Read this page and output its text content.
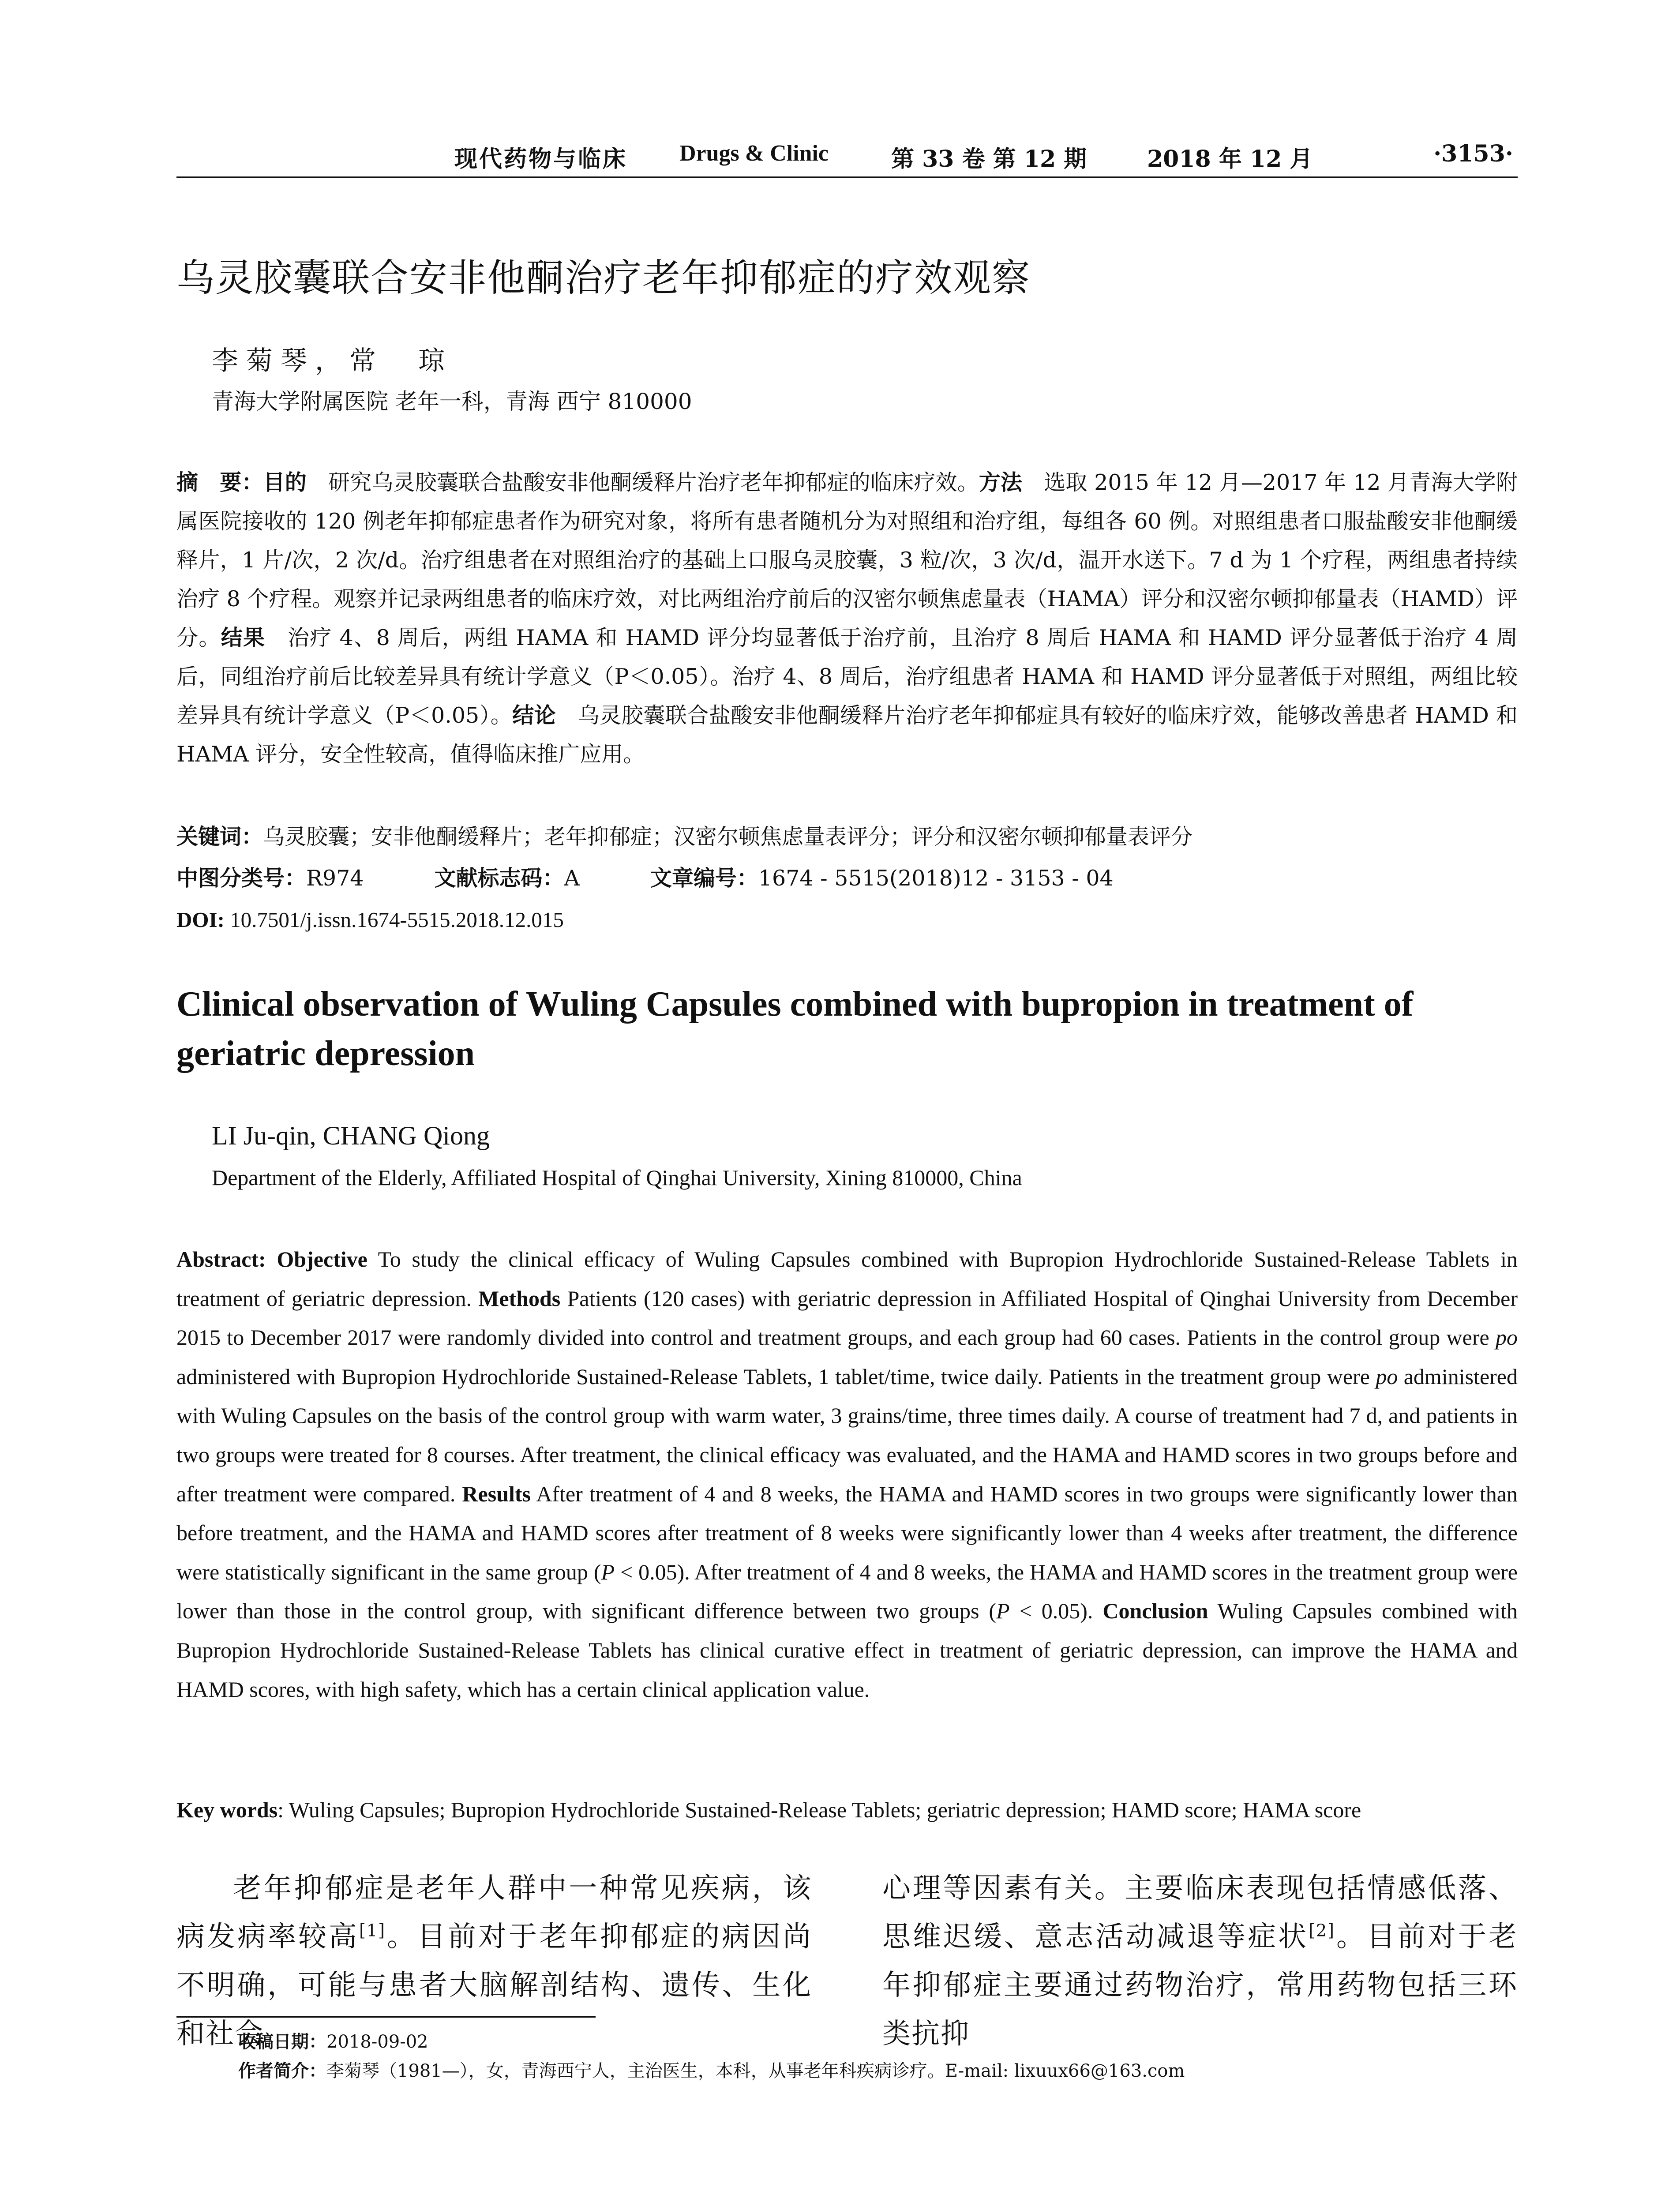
现代药物与临床 Drugs & Clinic	第 33 卷 第 12 期	2018 年 12 月	·3153·
乌灵胶囊联合安非他酮治疗老年抑郁症的疗效观察
李菊琴，常　琼
青海大学附属医院 老年一科，青海 西宁 810000

摘　要：目的　研究乌灵胶囊联合盐酸安非他酮缓释片治疗老年抑郁症的临床疗效。方法　选取 2015 年 12 月—2017 年 12 月青海大学附属医院接收的 120 例老年抑郁症患者作为研究对象，将所有患者随机分为对照组和治疗组，每组各 60 例。对照组患者口服盐酸安非他酮缓释片，1 片/次，2 次/d。治疗组患者在对照组治疗的基础上口服乌灵胶囊，3 粒/次，3 次/d，温开水送下。7 d 为 1 个疗程，两组患者持续治疗 8 个疗程。观察并记录两组患者的临床疗效，对比两组治疗前后的汉密尔顿焦虑量表（HAMA）评分和汉密尔顿抑郁量表（HAMD）评分。结果　治疗 4、8 周后，两组 HAMA 和 HAMD 评分均显著低于治疗前，且治疗 8 周后 HAMA 和 HAMD 评分显著低于治疗 4 周后，同组治疗前后比较差异具有统计学意义（P＜0.05）。治疗 4、8 周后，治疗组患者 HAMA 和 HAMD 评分显著低于对照组，两组比较差异具有统计学意义（P＜0.05）。结论　乌灵胶囊联合盐酸安非他酮缓释片治疗老年抑郁症具有较好的临床疗效，能够改善患者 HAMD 和 HAMA 评分，安全性较高，值得临床推广应用。

关键词：乌灵胶囊；安非他酮缓释片；老年抑郁症；汉密尔顿焦虑量表评分；评分和汉密尔顿抑郁量表评分
中图分类号：R974	文献标志码：A	文章编号：1674 - 5515(2018)12 - 3153 - 04
DOI: 10.7501/j.issn.1674-5515.2018.12.015
Clinical observation of Wuling Capsules combined with bupropion in treatment of geriatric depression
LI Ju-qin, CHANG Qiong
Department of the Elderly, Affiliated Hospital of Qinghai University, Xining 810000, China

Abstract: Objective To study the clinical efficacy of Wuling Capsules combined with Bupropion Hydrochloride Sustained-Release Tablets in treatment of geriatric depression. Methods Patients (120 cases) with geriatric depression in Affiliated Hospital of Qinghai University from December 2015 to December 2017 were randomly divided into control and treatment groups, and each group had 60 cases. Patients in the control group were po administered with Bupropion Hydrochloride Sustained-Release Tablets, 1 tablet/time, twice daily. Patients in the treatment group were po administered with Wuling Capsules on the basis of the control group with warm water, 3 grains/time, three times daily. A course of treatment had 7 d, and patients in two groups were treated for 8 courses. After treatment, the clinical efficacy was evaluated, and the HAMA and HAMD scores in two groups before and after treatment were compared. Results After treatment of 4 and 8 weeks, the HAMA and HAMD scores in two groups were significantly lower than before treatment, and the HAMA and HAMD scores after treatment of 8 weeks were significantly lower than 4 weeks after treatment, the difference were statistically significant in the same group (P < 0.05). After treatment of 4 and 8 weeks, the HAMA and HAMD scores in the treatment group were lower than those in the control group, with significant difference between two groups (P < 0.05). Conclusion Wuling Capsules combined with Bupropion Hydrochloride Sustained-Release Tablets has clinical curative effect in treatment of geriatric depression, can improve the HAMA and HAMD scores, with high safety, which has a certain clinical application value.

Key words: Wuling Capsules; Bupropion Hydrochloride Sustained-Release Tablets; geriatric depression; HAMD score; HAMA score

老年抑郁症是老年人群中一种常见疾病，该病发病率较高[1]。目前对于老年抑郁症的病因尚不明确，可能与患者大脑解剖结构、遗传、生化和社会

心理等因素有关。主要临床表现包括情感低落、思维迟缓、意志活动减退等症状[2]。目前对于老年抑郁症主要通过药物治疗，常用药物包括三环类抗抑

收稿日期：2018-09-02
作者简介：李菊琴（1981—），女，青海西宁人，主治医生，本科，从事老年科疾病诊疗。E-mail: lixuux66@163.com
